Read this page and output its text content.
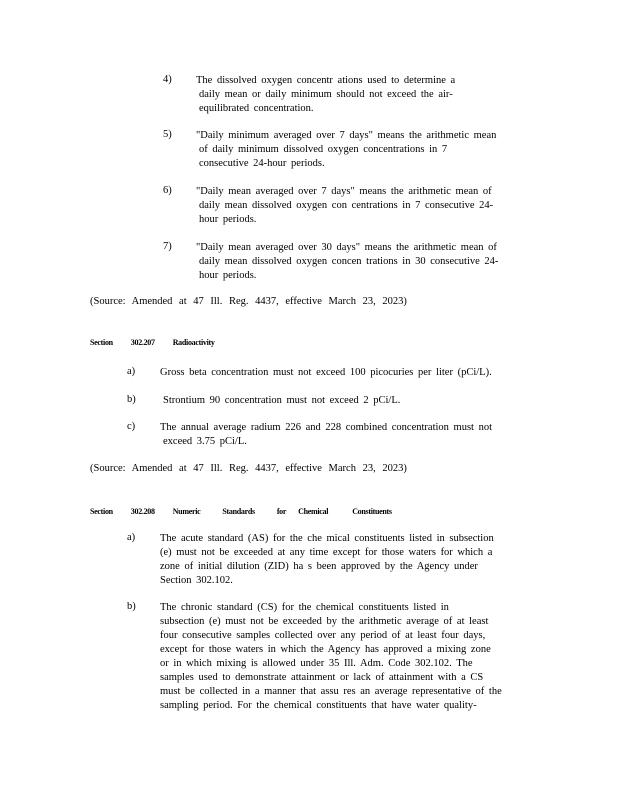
4) The dissolved oxygen concentr ations used to determine a
daily mean or daily minimum should not exceed the air-
equilibrated concentration.
5) "Daily minimum averaged over 7 days" means the arithmetic mean
of daily minimum dissolved oxygen concentrations in 7
consecutive 24-hour periods.
6) "Daily mean averaged over 7 days" means the arithmetic mean of
daily mean dissolved oxygen con centrations in 7 consecutive 24-
hour periods.
7) "Daily mean averaged over 30 days" means the arithmetic mean of
daily mean dissolved oxygen concen trations in 30 consecutive 24-
hour periods.
(Source: Amended at 47 Ill. Reg. 4437, effective March 23, 2023)
Section 302.207 Radioactivity
a) Gross beta concentration must not exceed 100 picocuries per liter (pCi/L).
b)	Strontium 90 concentration must not exceed 2 pCi/L.
c) The annual average radium 226 and 228 combined concentration must not
exceed 3.75 pCi/L.
(Source: Amended at 47 Ill. Reg. 4437, effective March 23, 2023)
Section 302.208 Numeric	Standards	for Chemical	Constituents
a) The acute standard (AS) for the che mical constituents listed in subsection
(e) must not be exceeded at any time except for those waters for which a
zone of initial dilution (ZID) ha s been approved by the Agency under
Section 302.102.
b) The chronic standard (CS) for the chemical constituents listed in
subsection (e) must not be exceeded by the arithmetic average of at least
four consecutive samples collected over any period of at least four days,
except for those waters in which the Agency has approved a mixing zone
or in which mixing is allowed under 35 Ill. Adm. Code 302.102. The
samples used to demonstrate attainment or lack of attainment with a CS
must be collected in a manner that assu res an average representative of the
sampling period. For the chemical constituents that have water quality-
